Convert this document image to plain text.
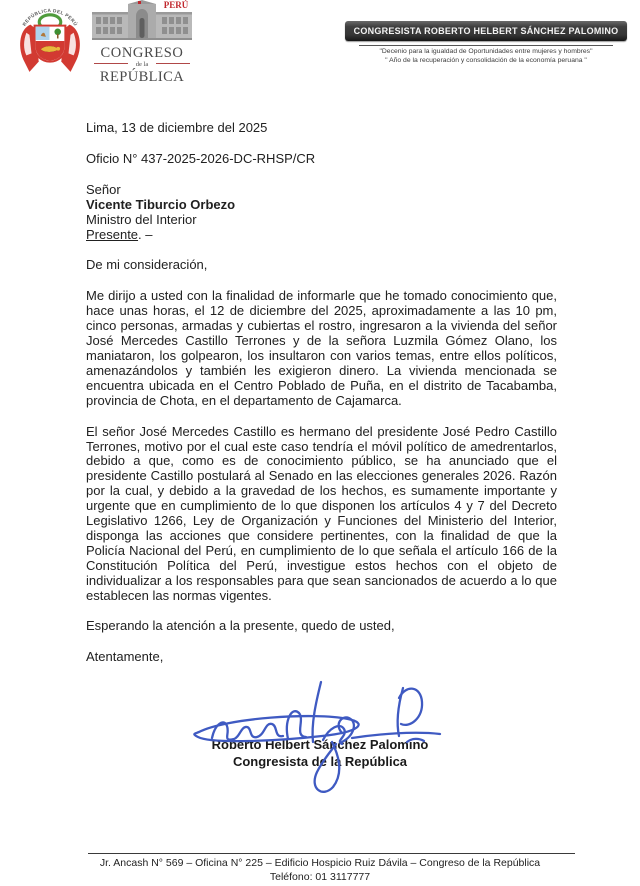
REPÚBLICA DEL PERÚ
PERÚ
CONGRESO
de la
REPÚBLICA
CONGRESISTA ROBERTO HELBERT SÁNCHEZ PALOMINO
"Decenio para la igualdad de Oportunidades entre mujeres y hombres"
" Año de la recuperación y consolidación de la economía peruana "

Lima, 13 de diciembre del 2025

Oficio N° 437-2025-2026-DC-RHSP/CR

Señor
Vicente Tiburcio Orbezo
Ministro del Interior
Presente. –

De mi consideración,

Me dirijo a usted con la finalidad de informarle que he tomado conocimiento que, hace unas horas, el 12 de diciembre del 2025, aproximadamente a las 10 pm, cinco personas, armadas y cubiertas el rostro, ingresaron a la vivienda del señor José Mercedes Castillo Terrones y de la señora Luzmila Gómez Olano, los maniataron, los golpearon, los insultaron con varios temas, entre ellos políticos, amenazándolos y también les exigieron dinero. La vivienda mencionada se encuentra ubicada en el Centro Poblado de Puña, en el distrito de Tacabamba, provincia de Chota, en el departamento de Cajamarca.

El señor José Mercedes Castillo es hermano del presidente José Pedro Castillo Terrones, motivo por el cual este caso tendría el móvil político de amedrentarlos, debido a que, como es de conocimiento público, se ha anunciado que el presidente Castillo postulará al Senado en las elecciones generales 2026. Razón por la cual, y debido a la gravedad de los hechos, es sumamente importante y urgente que en cumplimiento de lo que disponen los artículos 4 y 7 del Decreto Legislativo 1266, Ley de Organización y Funciones del Ministerio del Interior, disponga las acciones que considere pertinentes, con la finalidad de que la Policía Nacional del Perú, en cumplimiento de lo que señala el artículo 166 de la Constitución Política del Perú, investigue estos hechos con el objeto de individualizar a los responsables para que sean sancionados de acuerdo a lo que establecen las normas vigentes.

Esperando la atención a la presente, quedo de usted,

Atentamente,

Roberto Helbert Sánchez Palomino
Congresista de la República
Jr. Ancash N° 569 – Oficina N° 225 – Edificio Hospicio Ruiz Dávila – Congreso de la República
Teléfono: 01 3117777
